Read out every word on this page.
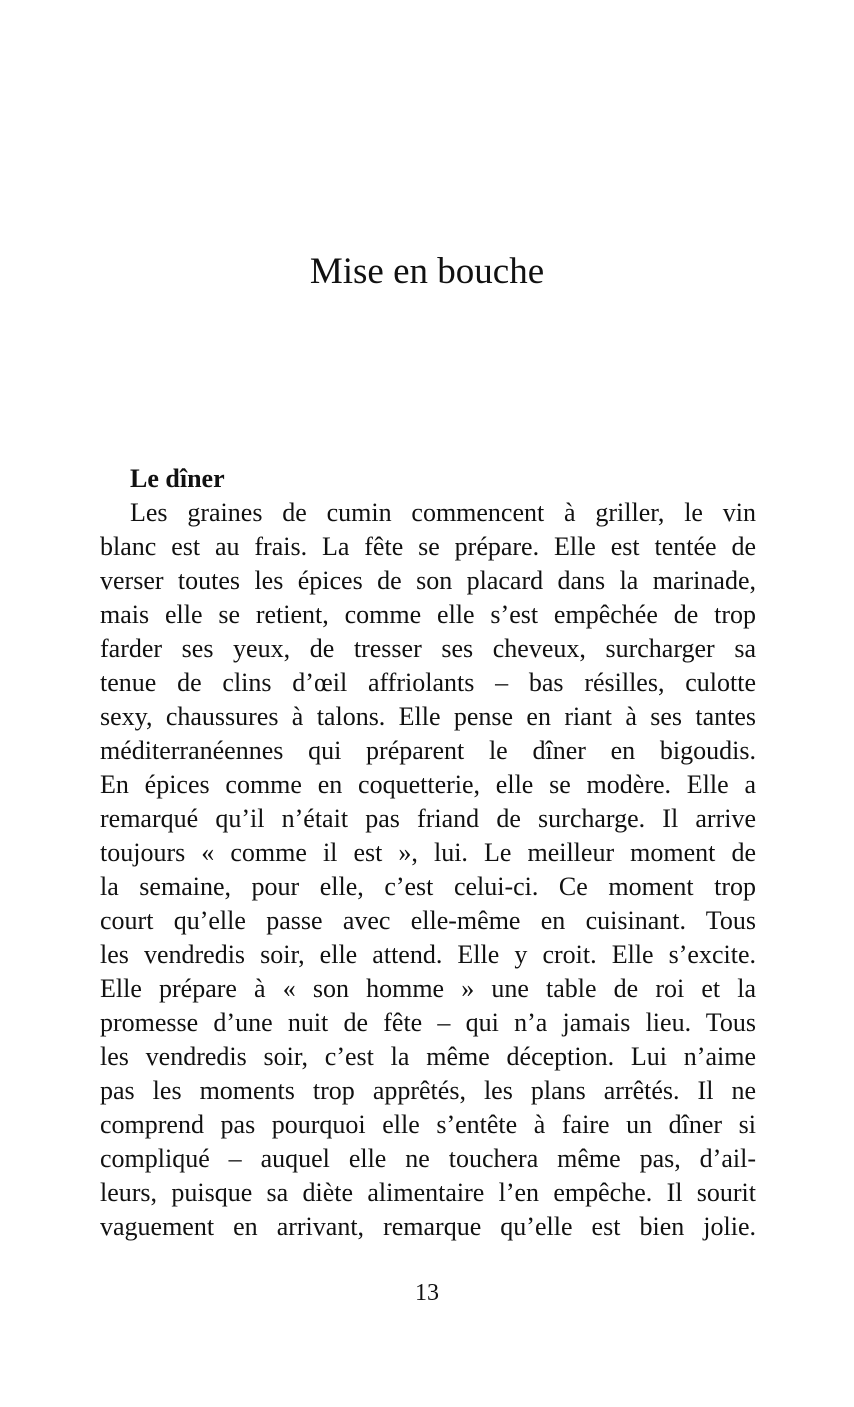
Mise en bouche
Le dîner
Les graines de cumin commencent à griller, le vin
blanc est au frais. La fête se prépare. Elle est tentée de
verser toutes les épices de son placard dans la marinade,
mais elle se retient, comme elle s’est empêchée de trop
farder ses yeux, de tresser ses cheveux, surcharger sa
tenue de clins d’œil affriolants – bas résilles, culotte
sexy, chaussures à talons. Elle pense en riant à ses tantes
méditerranéennes qui préparent le dîner en bigoudis.
En épices comme en coquetterie, elle se modère. Elle a
remarqué qu’il n’était pas friand de surcharge. Il arrive
toujours « comme il est », lui. Le meilleur moment de
la semaine, pour elle, c’est celui-ci. Ce moment trop
court qu’elle passe avec elle-même en cuisinant. Tous
les vendredis soir, elle attend. Elle y croit. Elle s’excite.
Elle prépare à « son homme » une table de roi et la
promesse d’une nuit de fête – qui n’a jamais lieu. Tous
les vendredis soir, c’est la même déception. Lui n’aime
pas les moments trop apprêtés, les plans arrêtés. Il ne
comprend pas pourquoi elle s’entête à faire un dîner si
compliqué – auquel elle ne touchera même pas, d’ail-
leurs, puisque sa diète alimentaire l’en empêche. Il sourit
vaguement en arrivant, remarque qu’elle est bien jolie.
13
